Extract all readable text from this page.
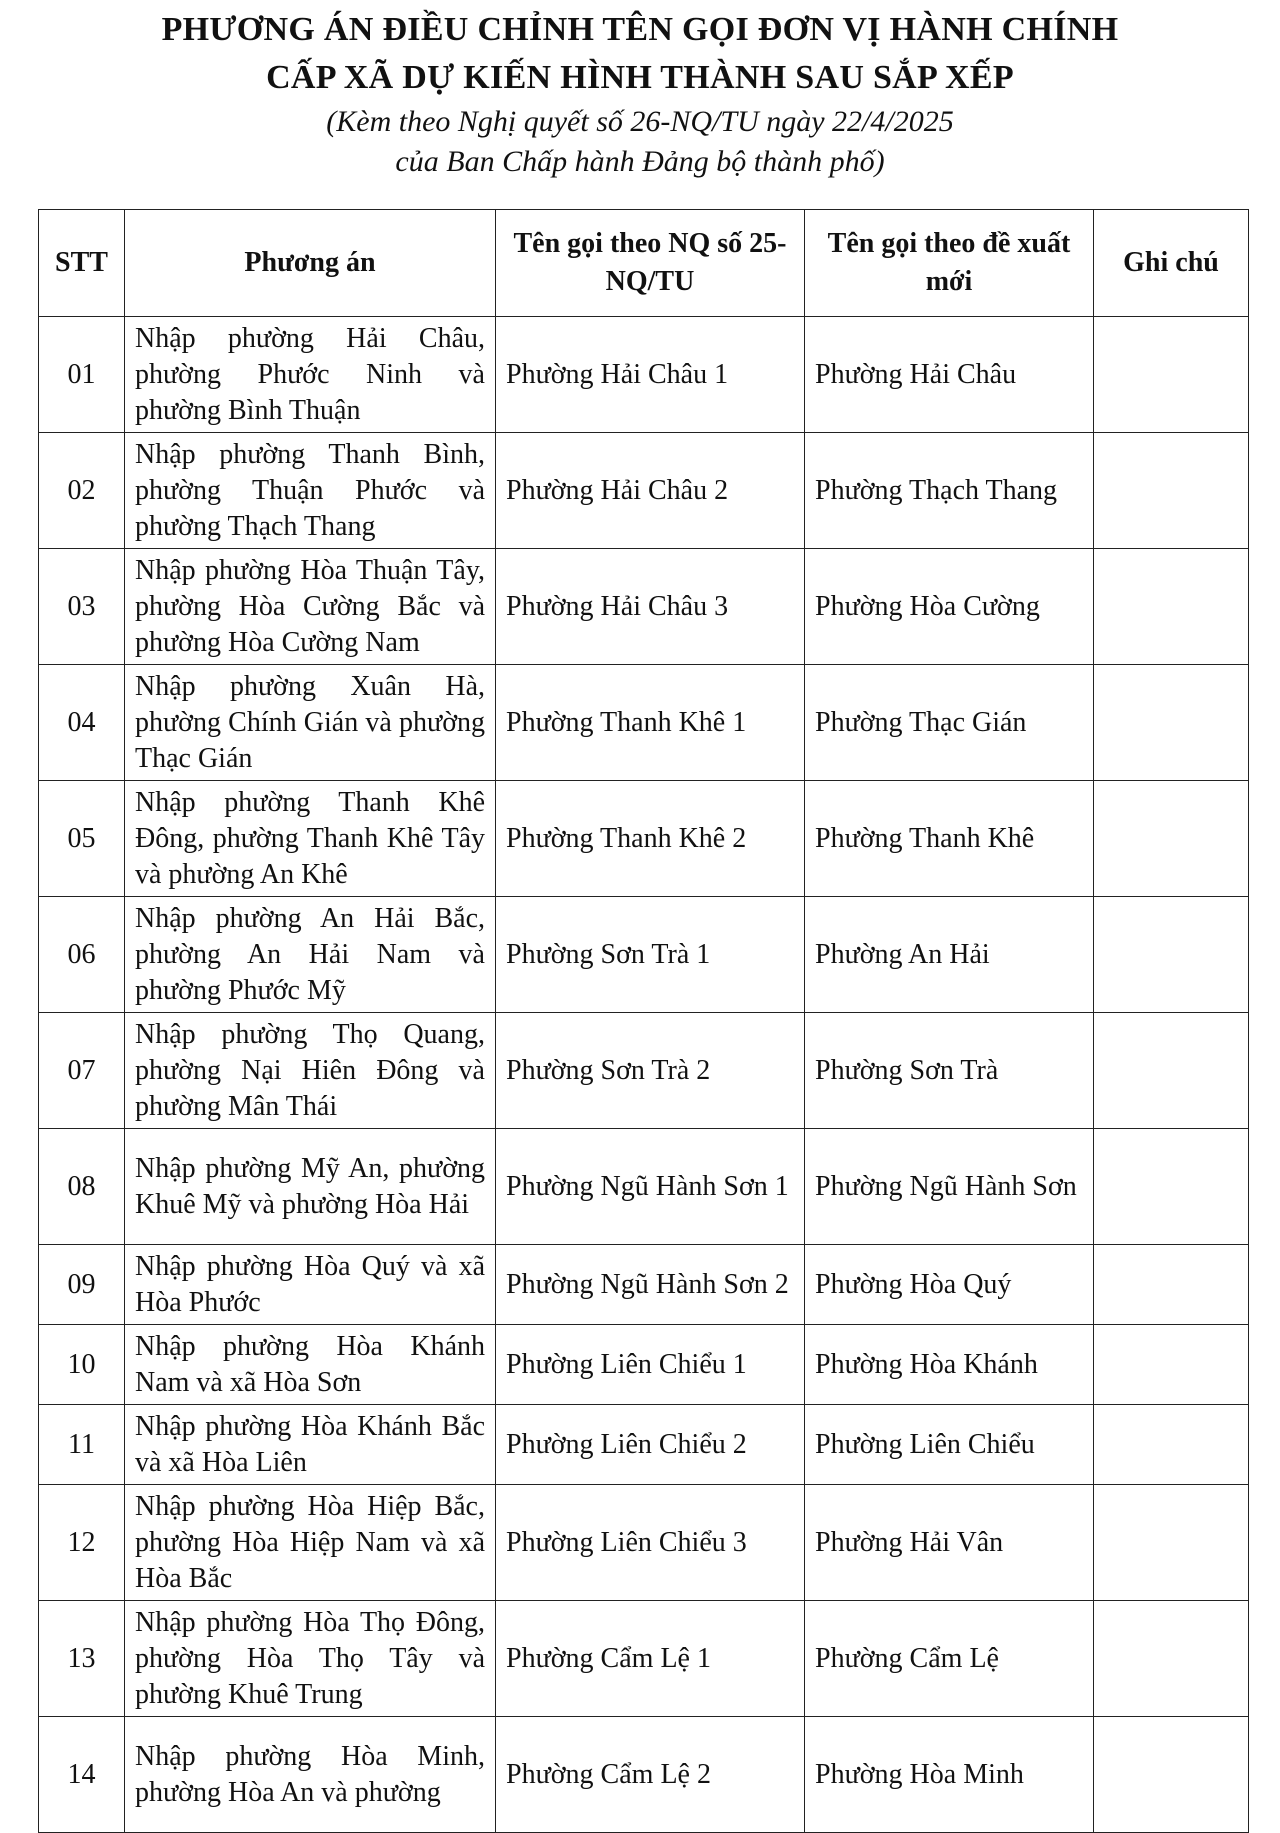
PHƯƠNG ÁN ĐIỀU CHỈNH TÊN GỌI ĐƠN VỊ HÀNH CHÍNH
CẤP XÃ DỰ KIẾN HÌNH THÀNH SAU SẮP XẾP
(Kèm theo Nghị quyết số 26-NQ/TU ngày 22/4/2025
của Ban Chấp hành Đảng bộ thành phố)
STT	Phương án	Tên gọi theo NQ số 25-NQ/TU	Tên gọi theo đề xuất mới	Ghi chú
01	Nhập phường Hải Châu, phường Phước Ninh và phường Bình Thuận	Phường Hải Châu 1	Phường Hải Châu	
02	Nhập phường Thanh Bình, phường Thuận Phước và phường Thạch Thang	Phường Hải Châu 2	Phường Thạch Thang	
03	Nhập phường Hòa Thuận Tây, phường Hòa Cường Bắc và phường Hòa Cường Nam	Phường Hải Châu 3	Phường Hòa Cường	
04	Nhập phường Xuân Hà, phường Chính Gián và phường Thạc Gián	Phường Thanh Khê 1	Phường Thạc Gián	
05	Nhập phường Thanh Khê Đông, phường Thanh Khê Tây và phường An Khê	Phường Thanh Khê 2	Phường Thanh Khê	
06	Nhập phường An Hải Bắc, phường An Hải Nam và phường Phước Mỹ	Phường Sơn Trà 1	Phường An Hải	
07	Nhập phường Thọ Quang, phường Nại Hiên Đông và phường Mân Thái	Phường Sơn Trà 2	Phường Sơn Trà	
08	Nhập phường Mỹ An, phường Khuê Mỹ và phường Hòa Hải	Phường Ngũ Hành Sơn 1	Phường Ngũ Hành Sơn	
09	Nhập phường Hòa Quý và xã Hòa Phước	Phường Ngũ Hành Sơn 2	Phường Hòa Quý	
10	Nhập phường Hòa Khánh Nam và xã Hòa Sơn	Phường Liên Chiểu 1	Phường Hòa Khánh	
11	Nhập phường Hòa Khánh Bắc và xã Hòa Liên	Phường Liên Chiểu 2	Phường Liên Chiểu	
12	Nhập phường Hòa Hiệp Bắc, phường Hòa Hiệp Nam và xã Hòa Bắc	Phường Liên Chiểu 3	Phường Hải Vân	
13	Nhập phường Hòa Thọ Đông, phường Hòa Thọ Tây và phường Khuê Trung	Phường Cẩm Lệ 1	Phường Cẩm Lệ	
14	Nhập phường Hòa Minh, phường Hòa An và phường	Phường Cẩm Lệ 2	Phường Hòa Minh	
